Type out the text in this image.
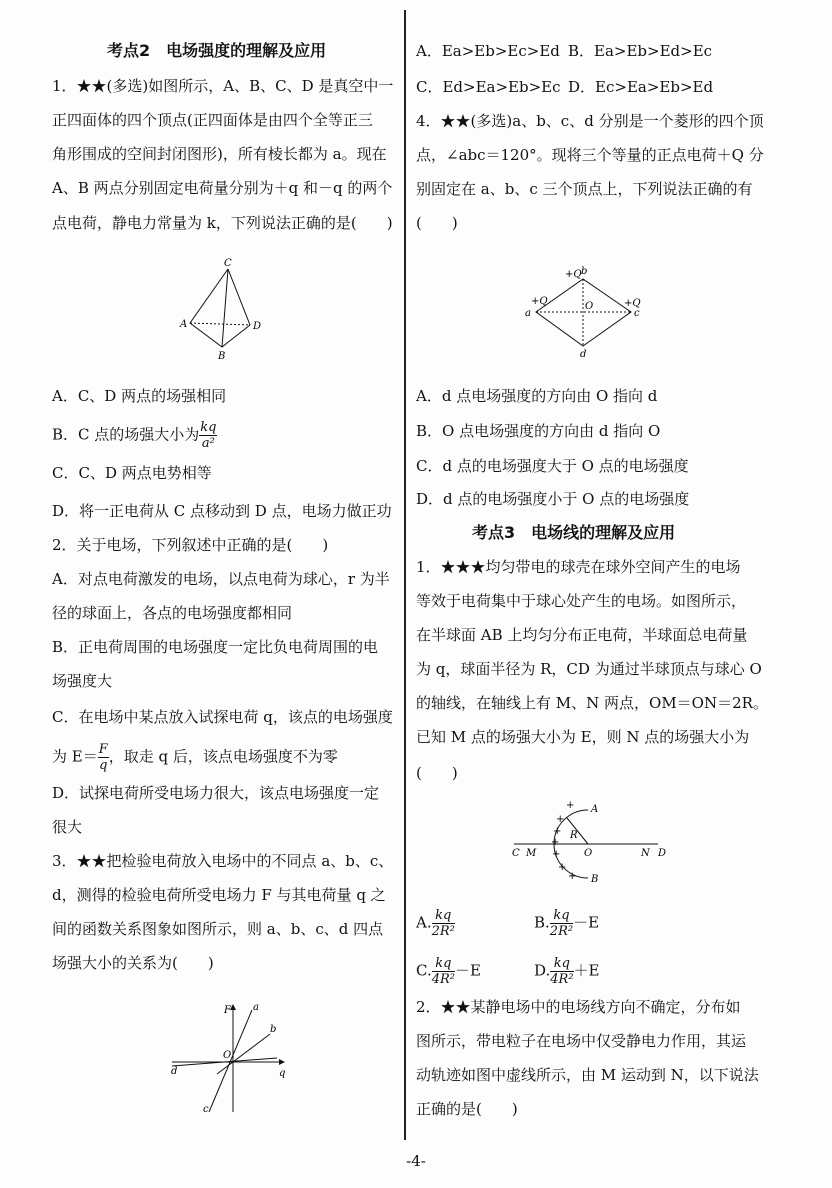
考点2　电场强度的理解及应用
1．★★(多选)如图所示，A、B、C、D 是真空中一
正四面体的四个顶点(正四面体是由四个全等正三
角形围成的空间封闭图形)，所有棱长都为 a。现在
A、B 两点分别固定电荷量分别为＋q 和－q 的两个
点电荷，静电力常量为 k，下列说法正确的是(　　)
C
A	D
B
A．C、D 两点的场强相同
B．C 点的场强大小为 $\frac{kq}{\text{a²}}$
C．C、D 两点电势相等
D．将一正电荷从 C 点移动到 D 点，电场力做正功
2．关于电场，下列叙述中正确的是(　　)
A．对点电荷激发的电场，以点电荷为球心，r 为半
径的球面上，各点的电场强度都相同
B．正电荷周围的电场强度一定比负电荷周围的电
场强度大
C．在电场中某点放入试探电荷 q，该点的电场强度
为 $E= \frac{F}{q}$ ，取走 q 后，该点电场强度不为零
D．试探电荷所受电场力很大，该点电场强度一定
很大
3．★★把检验电荷放入电场中的不同点 a、b、c、
d，测得的检验电荷所受电场力 F 与其电荷量 q 之
间的函数关系图象如图所示，则 a、b、c、d 四点
场强大小的关系为(　　)
F a
b
O
d	q
c
A．Ea>Eb>Ec>Ed B．Ea>Eb>Ed>Ec
C．Ed>Ea>Eb>Ec D．Ec>Ea>Eb>Ed
4．★★(多选)a、b、c、d 分别是一个菱形的四个顶
点，∠abc＝120°。现将三个等量的正点电荷＋Q 分
别固定在 a、b、c 三个顶点上，下列说法正确的有
(　　)
+Q b
+Q
a
O	+Q
c
d
A．d 点电场强度的方向由 O 指向 d
B．O 点电场强度的方向由 d 指向 O
C．d 点的电场强度大于 O 点的电场强度
D．d 点的电场强度小于 O 点的电场强度
考点3　电场线的理解及应用
1．★★★均匀带电的球壳在球外空间产生的电场
等效于电荷集中于球心处产生的电场。如图所示，
在半球面 AB 上均匀分布正电荷，半球面总电荷量
为 q，球面半径为 R，CD 为通过半球顶点与球心 O
的轴线，在轴线上有 M、N 两点，OM＝ON＝2R。
已知 M 点的场强大小为 E，则 N 点的场强大小为
(　　)
+
+
+
+
+
+
+
A
R
C M	O	N D
B
A. $\frac{kq}{\text{2R²}}$	B. $\frac{kq}{\text{2R²}} -E$
C. $\frac{kq}{\text{4R²}} -E$	D. $\frac{kq}{\text{4R²}} +E$
2．★★某静电场中的电场线方向不确定，分布如
图所示，带电粒子在电场中仅受静电力作用，其运
动轨迹如图中虚线所示，由 M 运动到 N，以下说法
正确的是(　　)
-4-
